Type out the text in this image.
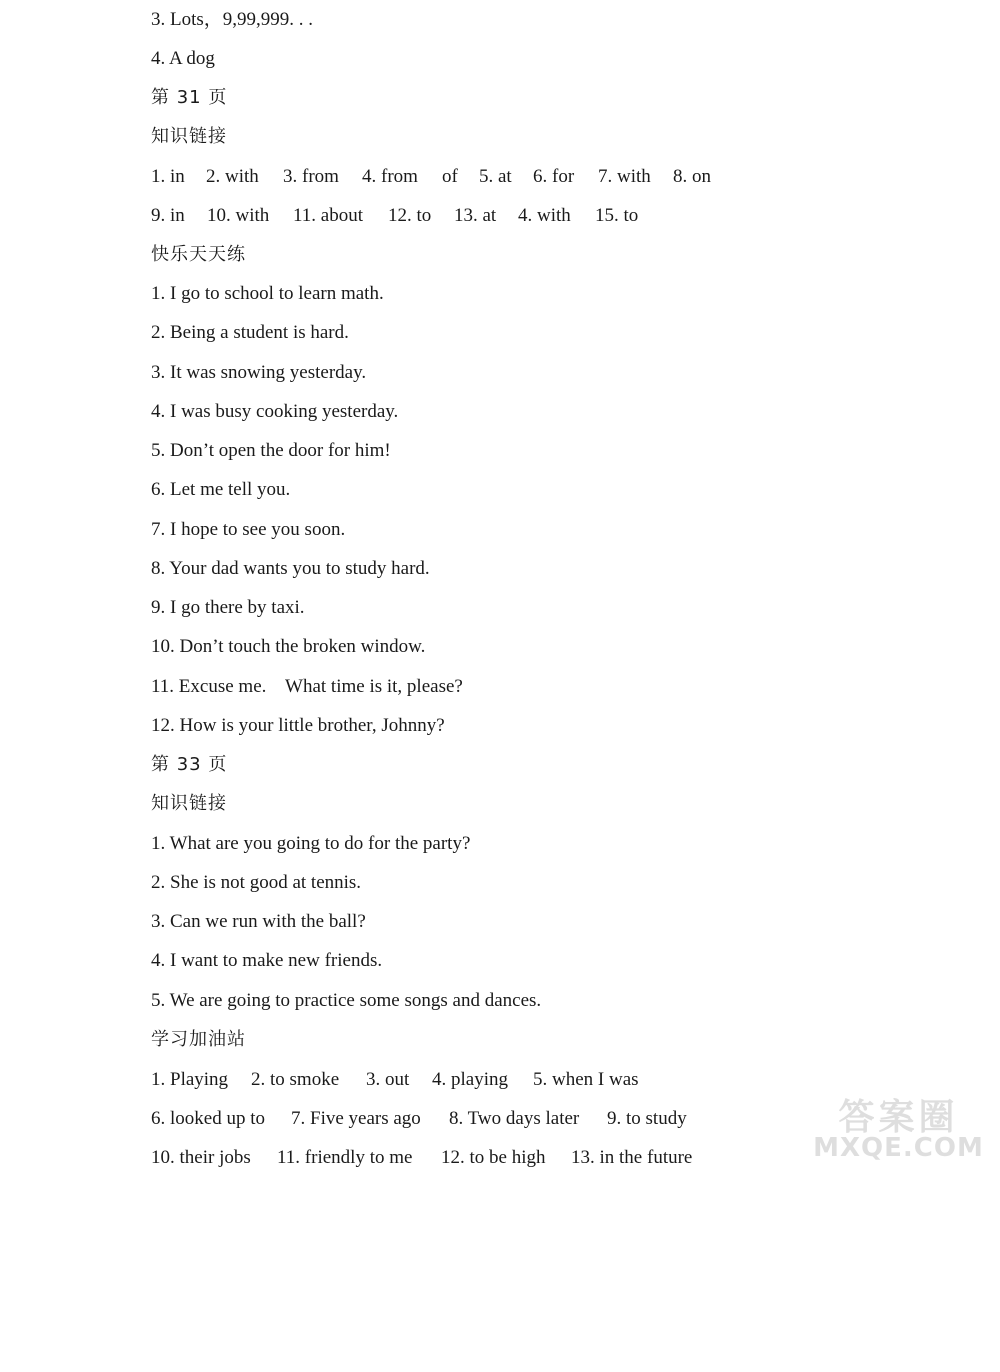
3. Lots，9,99,999. . .
4. A dog
第 31 页
知识链接

1. in

2. with

3. from

4. from

of

5. at

6. for

7. with

8. on

9. in

10. with

11. about

12. to

13. at

4. with

15. to

快乐天天练
1. I go to school to learn math.
2. Being a student is hard.
3. It was snowing yesterday.
4. I was busy cooking yesterday.
5. Don’t open the door for him!
6. Let me tell you.
7. I hope to see you soon.
8. Your dad wants you to study hard.
9. I go there by taxi.
10. Don’t touch the broken window.
11. Excuse me.    What time is it, please?
12. How is your little brother, Johnny?
第 33 页
知识链接
1. What are you going to do for the party?
2. She is not good at tennis.
3. Can we run with the ball?
4. I want to make new friends.
5. We are going to practice some songs and dances.
学习加油站

1. Playing

2. to smoke

3. out

4. playing

5. when I was

6. looked up to

7. Five years ago

8. Two days later

9. to study

10. their jobs

11. friendly to me

12. to be high

13. in the future

答案圈
MXQE.COM
